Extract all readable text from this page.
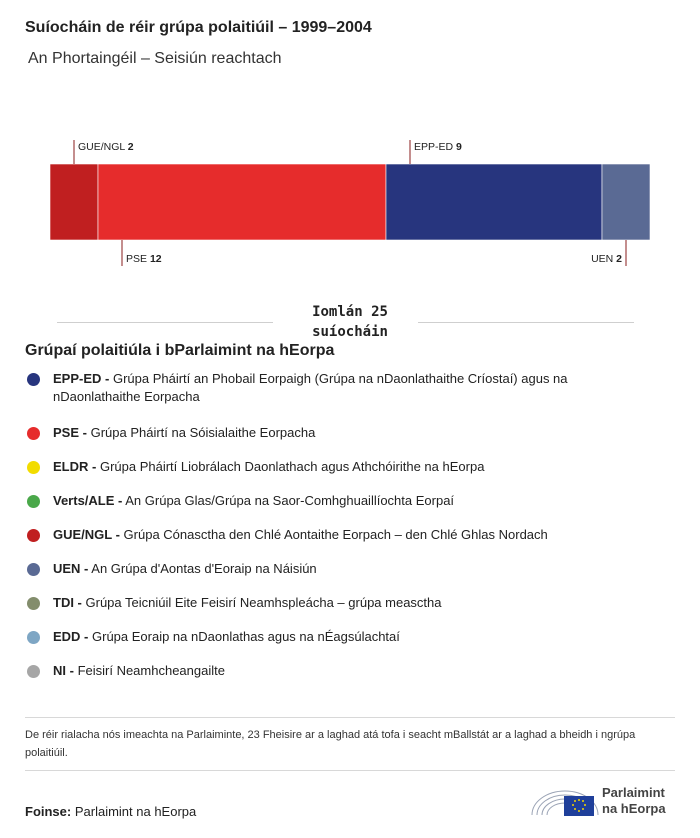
Suíocháin de réir grúpa polaitiúil – 1999–2004
An Phortaingéil – Seisiún reachtach
GUE/NGL 2
PSE 12
EPP-ED 9
UEN 2
Iomlán 25
suíocháin
Grúpaí polaitiúla i bParlaimint na hEorpa
EPP-ED - Grúpa Pháirtí an Phobail Eorpaigh (Grúpa na nDaonlathaithe Críostaí) agus na nDaonlathaithe Eorpacha
PSE - Grúpa Pháirtí na Sóisialaithe Eorpacha
ELDR - Grúpa Pháirtí Liobrálach Daonlathach agus Athchóirithe na hEorpa
Verts/ALE - An Grúpa Glas/Grúpa na Saor-Comhghuaillíochta Eorpaí
GUE/NGL - Grúpa Cónasctha den Chlé Aontaithe Eorpach – den Chlé Ghlas Nordach
UEN - An Grúpa d'Aontas d'Eoraip na Náisiún
TDI - Grúpa Teicniúil Eite Feisirí Neamhspleácha – grúpa measctha
EDD - Grúpa Eoraip na nDaonlathas agus na nÉagsúlachtaí
NI - Feisirí Neamhcheangailte
De réir rialacha nós imeachta na Parlaiminte, 23 Fheisire ar a laghad atá tofa i seacht mBallstát ar a laghad a bheidh i ngrúpa polaitiúil.
Foinse: Parlaimint na hEorpa
Parlaimint
na hEorpa
